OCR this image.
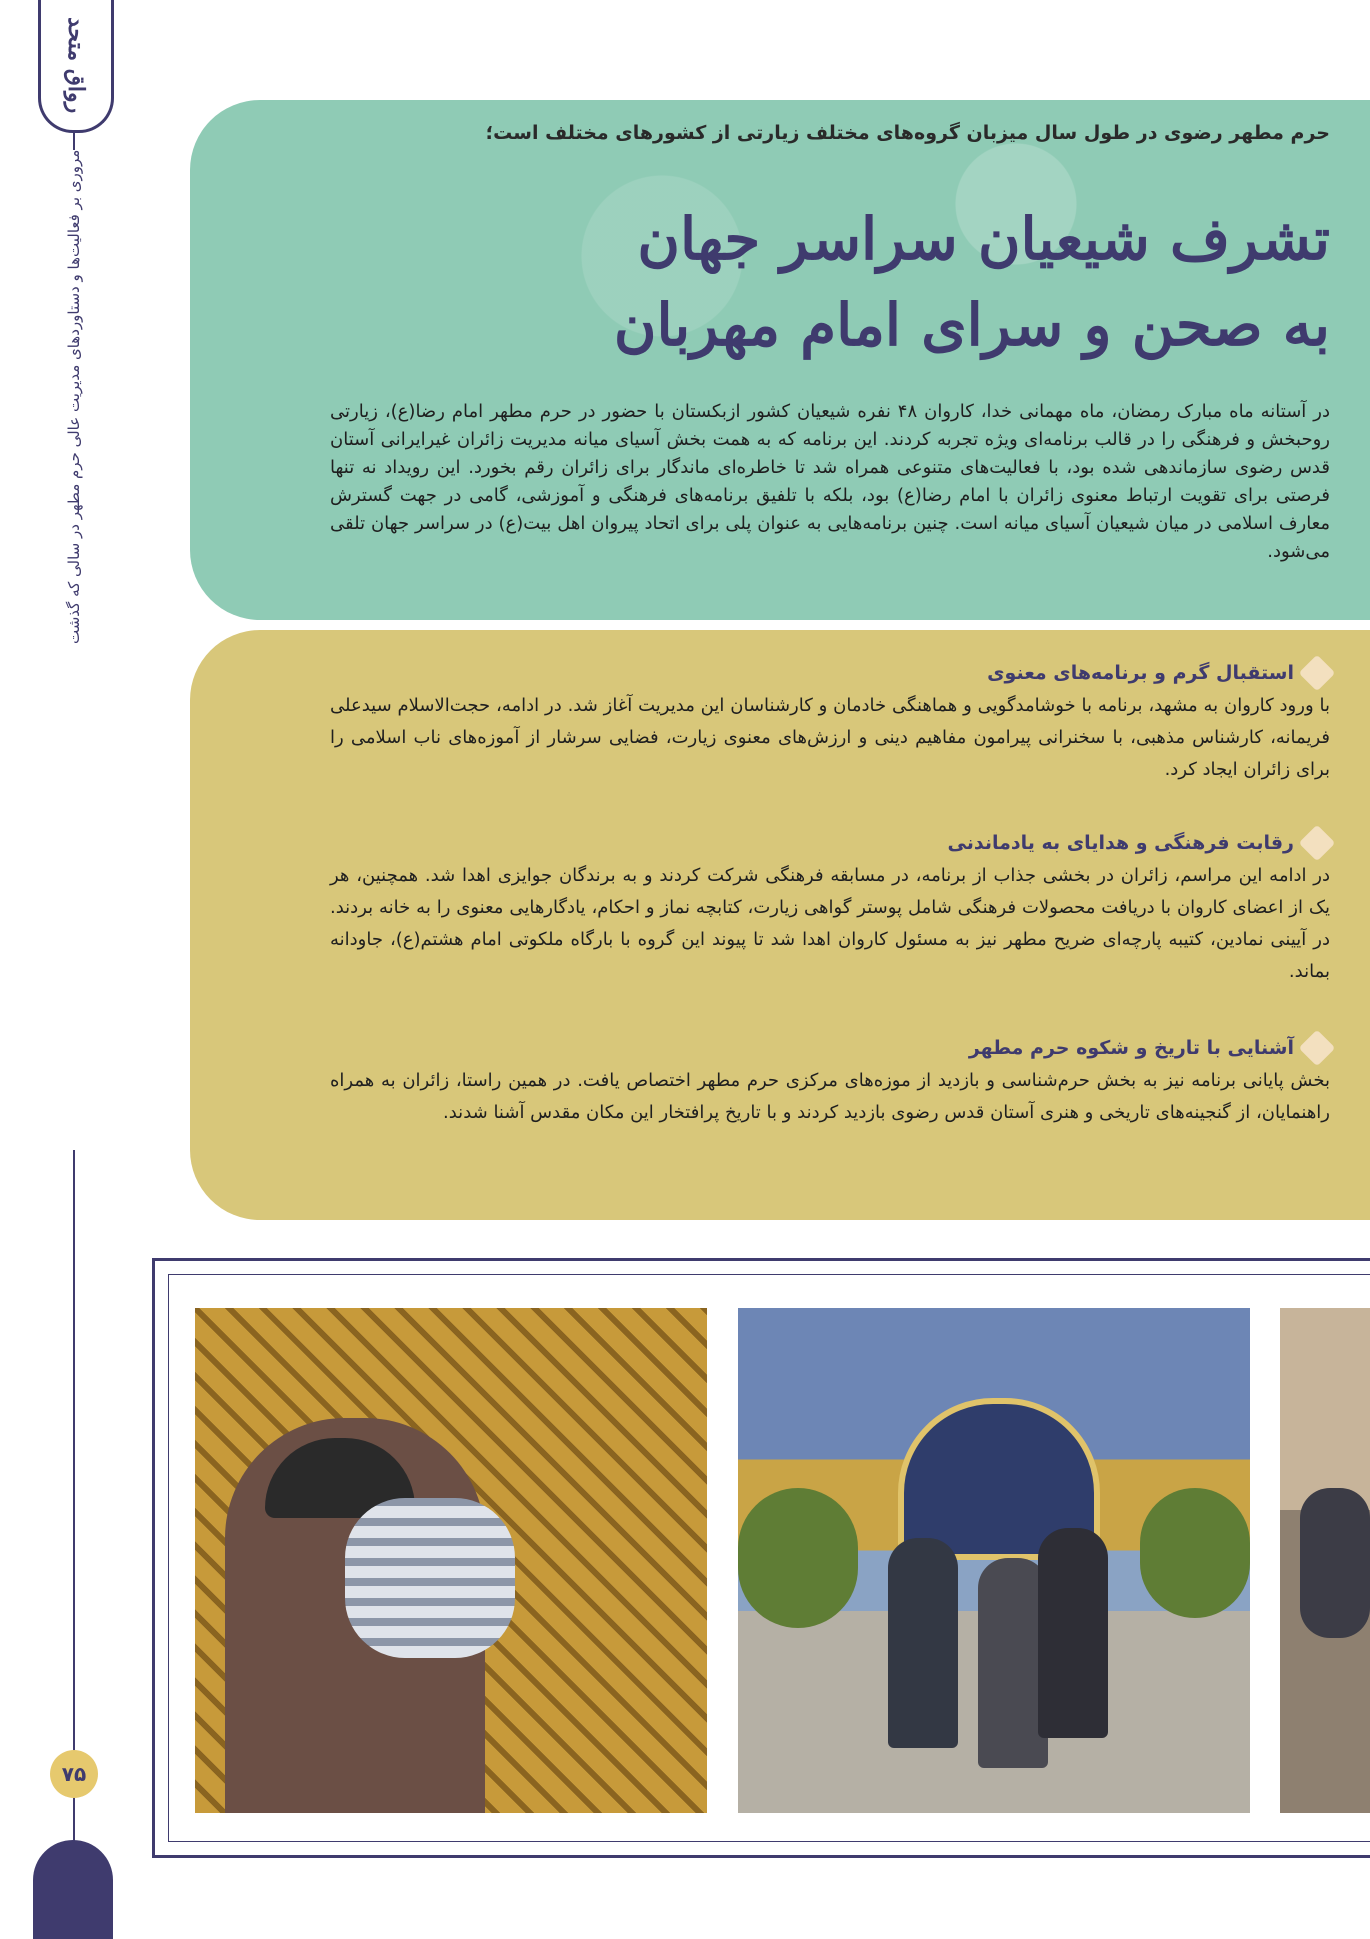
رواق متحد
مروری بر فعالیت‌ها و دستاوردهای مدیریت عالی حرم مطهر در سالی که گذشت
۷۵
حرم مطهر رضوی در طول سال میزبان گروه‌های مختلف زیارتی از کشورهای مختلف است؛
تشرف شیعیان سراسر جهان
به صحن و سرای امام مهربان

در آستانه ماه مبارک رمضان، ماه مهمانی خدا، کاروان ۴۸ نفره شیعیان کشور ازبکستان با حضور در حرم مطهر امام رضا(ع)، زیارتی روحبخش و فرهنگی را در قالب برنامه‌ای ویژه تجربه کردند. این برنامه که به همت بخش آسیای میانه مدیریت زائران غیرایرانی آستان قدس رضوی سازماندهی شده بود، با فعالیت‌های متنوعی همراه شد تا خاطره‌ای ماندگار برای زائران رقم بخورد. این رویداد نه تنها فرصتی برای تقویت ارتباط معنوی زائران با امام رضا(ع) بود، بلکه با تلفیق برنامه‌های فرهنگی و آموزشی، گامی در جهت گسترش معارف اسلامی در میان شیعیان آسیای میانه است. چنین برنامه‌هایی به عنوان پلی برای اتحاد پیروان اهل بیت(ع) در سراسر جهان تلقی می‌شود.

استقبال گرم و برنامه‌های معنوی

با ورود کاروان به مشهد، برنامه با خوشامدگویی و هماهنگی خادمان و کارشناسان این مدیریت آغاز شد. در ادامه، حجت‌الاسلام سیدعلی فریمانه، کارشناس مذهبی، با سخنرانی پیرامون مفاهیم دینی و ارزش‌های معنوی زیارت، فضایی سرشار از آموزه‌های ناب اسلامی را برای زائران ایجاد کرد.

رقابت فرهنگی و هدایای به یادماندنی

در ادامه این مراسم، زائران در بخشی جذاب از برنامه، در مسابقه فرهنگی شرکت کردند و به برندگان جوایزی اهدا شد. همچنین، هر یک از اعضای کاروان با دریافت محصولات فرهنگی شامل پوستر گواهی زیارت، کتابچه نماز و احکام، یادگارهایی معنوی را به خانه بردند. در آیینی نمادین، کتیبه پارچه‌ای ضریح مطهر نیز به مسئول کاروان اهدا شد تا پیوند این گروه با بارگاه ملکوتی امام هشتم(ع)، جاودانه بماند.

آشنایی با تاریخ و شکوه حرم مطهر

بخش پایانی برنامه نیز به بخش حرم‌شناسی و بازدید از موزه‌های مرکزی حرم مطهر اختصاص یافت. در همین راستا، زائران به همراه راهنمایان، از گنجینه‌های تاریخی و هنری آستان قدس رضوی بازدید کردند و با تاریخ پرافتخار این مکان مقدس آشنا شدند.
